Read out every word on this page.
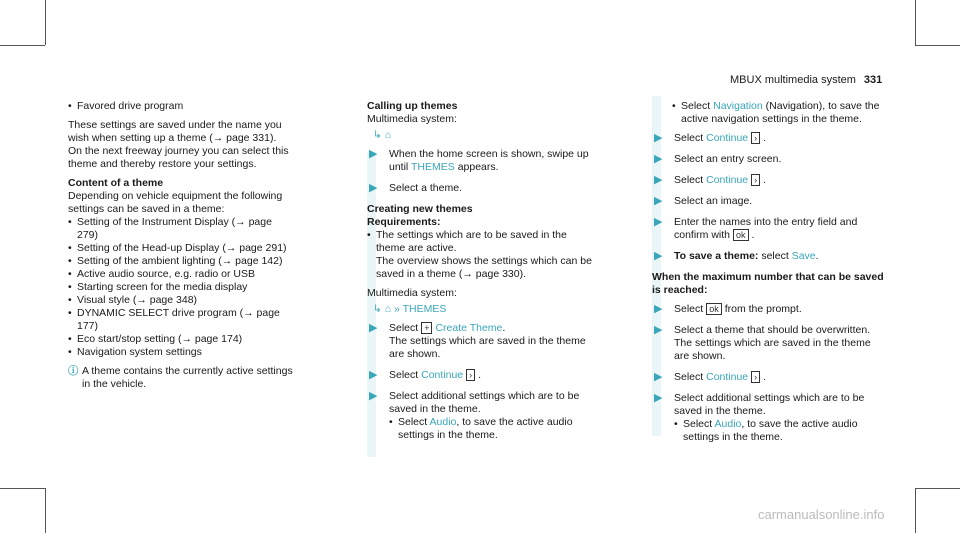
MBUX multimedia system 331

• Favored drive program

These settings are saved under the name you wish when setting up a theme (→ page 331). On the next freeway journey you can select this theme and thereby restore your settings.

Content of a theme

Depending on vehicle equipment the following settings can be saved in a theme:

• Setting of the Instrument Display (→ page 279)

• Setting of the Head-up Display (→ page 291)

• Setting of the ambient lighting (→ page 142)

• Active audio source, e.g. radio or USB

• Starting screen for the media display

• Visual style (→ page 348)

• DYNAMIC SELECT drive program (→ page 177)

• Eco start/stop setting (→ page 174)

• Navigation system settings

ⓘ A theme contains the currently active settings in the vehicle.

Calling up themes

Multimedia system:

↳ ⌂

▶ When the home screen is shown, swipe up until THEMES appears.
▶ Select a theme.

Creating new themes

Requirements:

• The settings which are to be saved in the theme are active.

The overview shows the settings which can be saved in a theme (→ page 330).

Multimedia system:

↳ ⌂ » THEMES

▶ Select + Create Theme.
The settings which are saved in the theme are shown.
▶ Select Continue › .
▶ Select additional settings which are to be saved in the theme.

• Select Audio, to save the active audio settings in the theme.

• Select Navigation (Navigation), to save the active navigation settings in the theme.

▶ Select Continue › .
▶ Select an entry screen.
▶ Select Continue › .
▶ Select an image.
▶ Enter the names into the entry field and confirm with ok .
▶ To save a theme: select Save.

When the maximum number that can be saved is reached:

▶ Select ok from the prompt.
▶ Select a theme that should be overwritten. The settings which are saved in the theme are shown.
▶ Select Continue › .
▶ Select additional settings which are to be saved in the theme.

• Select Audio, to save the active audio settings in the theme.

carmanualsonline.info
